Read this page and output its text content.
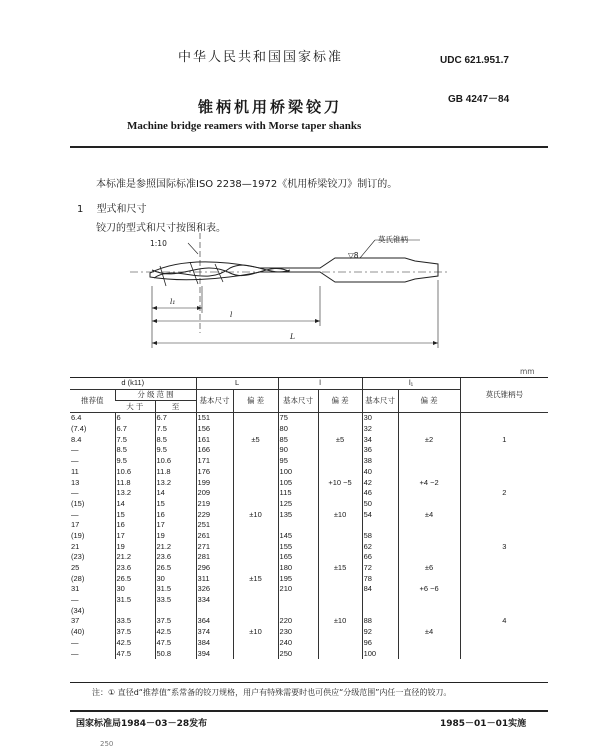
中华人民共和国国家标准	UDC 621.951.7
锥柄机用桥梁铰刀	GB 4247－84
Machine bridge reamers with Morse taper shanks
本标准是参照国际标准ISO 2238—1972《机用桥梁铰刀》制订的。
1 型式和尺寸
铰刀的型式和尺寸按图和表。
1:10	莫氏锥柄
▽8
l₁
l
L
mm
d (k11)			L		l		l₁		莫氏锥柄号
推荐值	分 级 范 围		基本尺寸	偏 差	基本尺寸	偏 差	基本尺寸	偏 差	
	大 于	至							
6.4	6	6.7	151		75		30		
(7.4)	6.7	7.5	156		80		32		
8.4	7.5	8.5	161	±5	85	±5	34	±2	1
—	8.5	9.5	166		90		36		
—	9.5	10.6	171		95		38		
11	10.6	11.8	176		100		40		
13	11.8	13.2	199		105	+10 −5	42	+4 −2	
—	13.2	14	209		115		46		2
(15)	14	15	219		125		50		
—	15	16	229	±10	135	±10	54	±4	
17	16	17	251						
(19)	17	19	261		145		58		
21	19	21.2	271		155		62		3
(23)	21.2	23.6	281		165		66		
25	23.6	26.5	296		180	±15	72	±6	
(28)	26.5	30	311	±15	195		78		
31	30	31.5	326		210		84	+6 −6	
—	31.5	33.5	334						
(34)									
37	33.5	37.5	364		220	±10	88		4
(40)	37.5	42.5	374	±10	230		92	±4	
—	42.5	47.5	384		240		96		
—	47.5	50.8	394		250		100		
注：① 直径d“推荐值”系常备的铰刀规格，用户有特殊需要时也可供应“分级范围”内任一直径的铰刀。
国家标准局1984－03－28发布	1985－01－01实施
250
